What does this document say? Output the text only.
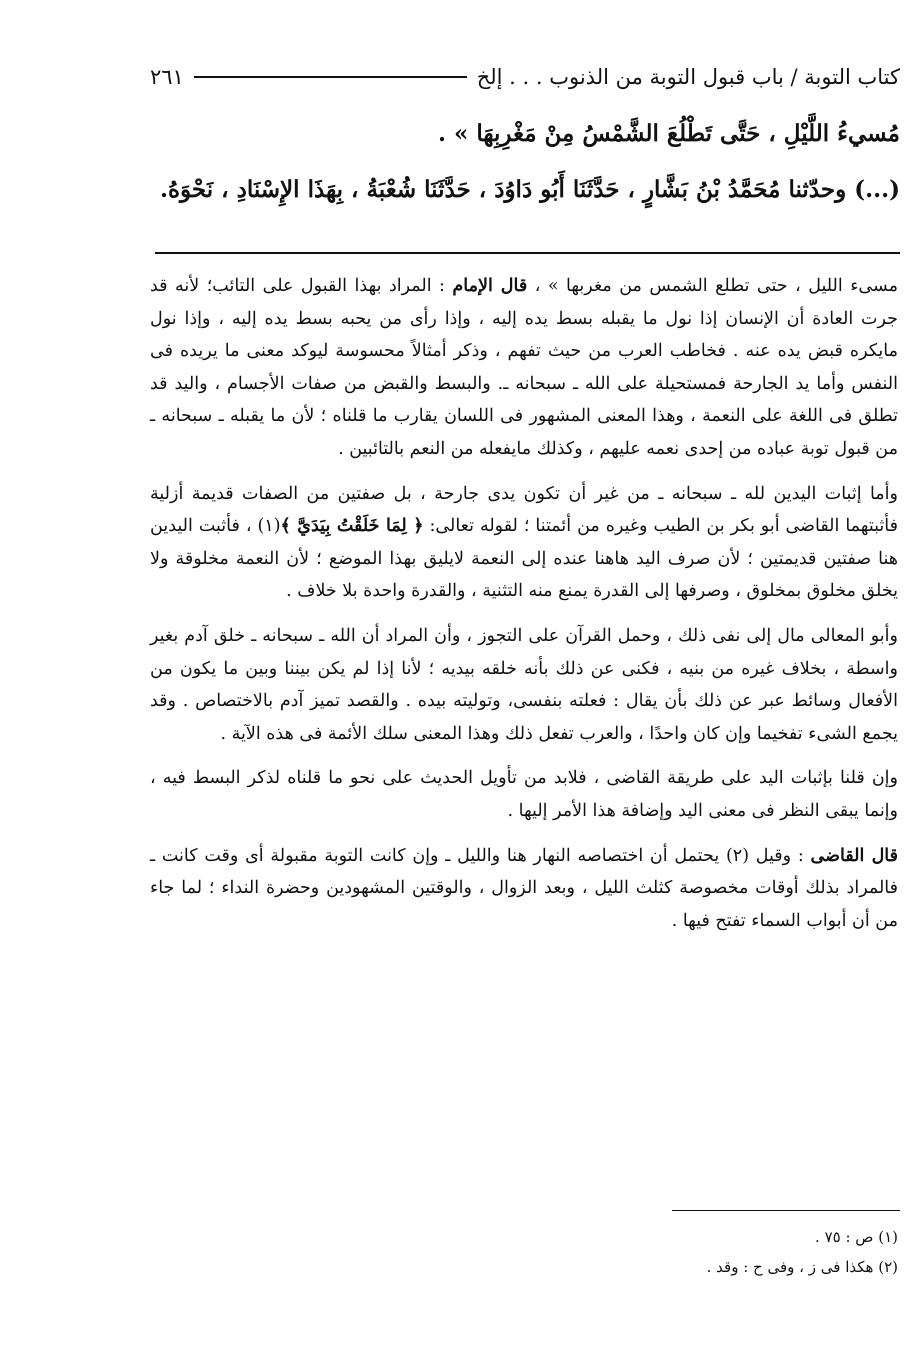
كتاب التوبة / باب قبول التوبة من الذنوب . . . إلخ
٢٦١
مُسيءُ اللَّيْلِ ، حَتَّى تَطْلُعَ الشَّمْسُ مِنْ مَغْرِبِهَا » .
(...) وحدّثنا مُحَمَّدُ بْنُ بَشَّارٍ ، حَدَّثَنَا أَبُو دَاوُدَ ، حَدَّثَنَا شُعْبَةُ ، بِهَذَا الإِسْنَادِ ، نَحْوَهُ.

مسىء الليل ، حتى تطلع الشمس من مغربها » ، قال الإمام : المراد بهذا القبول على التائب؛ لأنه قد جرت العادة أن الإنسان إذا نول ما يقبله بسط يده إليه ، وإذا رأى من يحبه بسط يده إليه ، وإذا نول مايكره قبض يده عنه . فخاطب العرب من حيث تفهم ، وذكر أمثالاً محسوسة ليوكد معنى ما يريده فى النفس وأما يد الجارحة فمستحيلة على الله ـ سبحانه ـ. والبسط والقبض من صفات الأجسام ، واليد قد تطلق فى اللغة على النعمة ، وهذا المعنى المشهور فى اللسان يقارب ما قلناه ؛ لأن ما يقبله ـ سبحانه ـ من قبول توبة عباده من إحدى نعمه عليهم ، وكذلك مايفعله من النعم بالتائبين .

وأما إثبات اليدين لله ـ سبحانه ـ من غير أن تكون يدى جارحة ، بل صفتين من الصفات قديمة أزلية فأثبتهما القاضى أبو بكر بن الطيب وغيره من أئمتنا ؛ لقوله تعالى: ﴿ لِمَا خَلَقْتُ بِيَدَيَّ ﴾(١) ، فأثبت اليدين هنا صفتين قديمتين ؛ لأن صرف اليد هاهنا عنده إلى النعمة لايليق بهذا الموضع ؛ لأن النعمة مخلوقة ولا يخلق مخلوق بمخلوق ، وصرفها إلى القدرة يمنع منه التثنية ، والقدرة واحدة بلا خلاف .

وأبو المعالى مال إلى نفى ذلك ، وحمل القرآن على التجوز ، وأن المراد أن الله ـ سبحانه ـ خلق آدم بغير واسطة ، بخلاف غيره من بنيه ، فكنى عن ذلك بأنه خلقه بيديه ؛ لأنا إذا لم يكن بيننا وبين ما يكون من الأفعال وسائط عبر عن ذلك بأن يقال : فعلته بنفسى، وتوليته بيده . والقصد تميز آدم بالاختصاص . وقد يجمع الشىء تفخيما وإن كان واحدًا ، والعرب تفعل ذلك وهذا المعنى سلك الأئمة فى هذه الآية .

وإن قلنا بإثبات اليد على طريقة القاضى ، فلابد من تأويل الحديث على نحو ما قلناه لذكر البسط فيه ، وإنما يبقى النظر فى معنى اليد وإضافة هذا الأمر إليها .

قال القاضى : وقيل (٢) يحتمل أن اختصاصه النهار هنا والليل ـ وإن كانت التوبة مقبولة أى وقت كانت ـ فالمراد بذلك أوقات مخصوصة كثلث الليل ، وبعد الزوال ، والوقتين المشهودين وحضرة النداء ؛ لما جاء من أن أبواب السماء تفتح فيها .

(١) ص : ٧٥ .
(٢) هكذا فى ز ، وفى ح : وقد .
